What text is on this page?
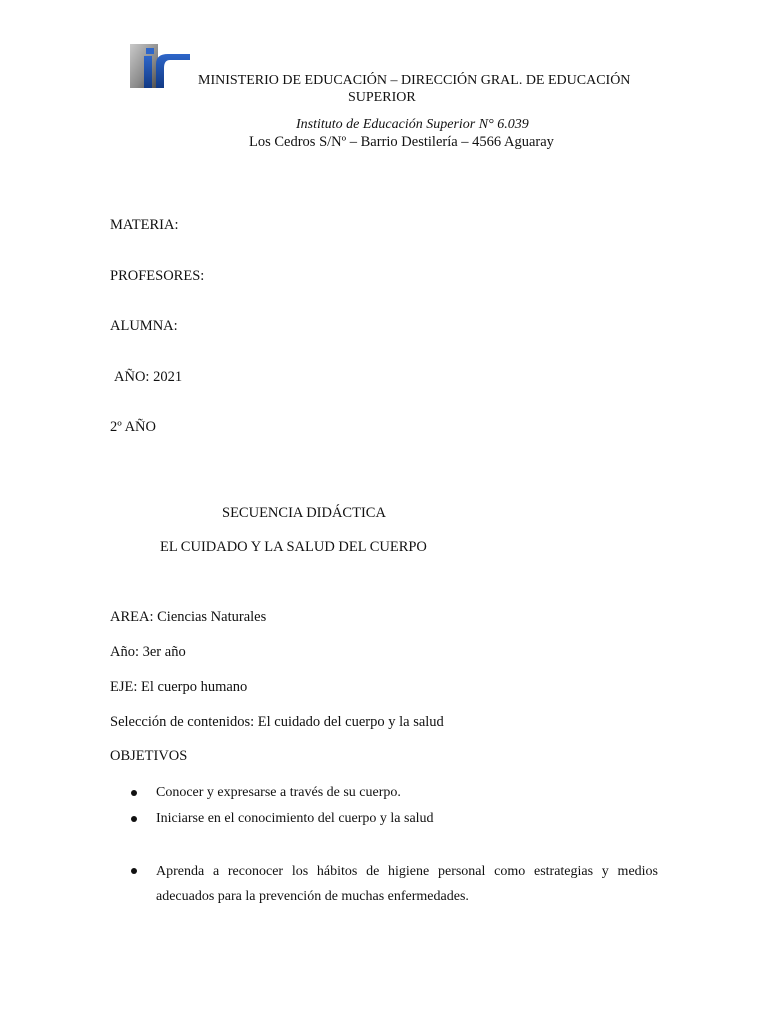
MINISTERIO DE EDUCACIÓN – DIRECCIÓN GRAL. DE EDUCACIÓN
SUPERIOR
Instituto de Educación Superior N° 6.039
Los Cedros S/Nº – Barrio Destilería – 4566 Aguaray
MATERIA:
PROFESORES:
ALUMNA:
AÑO: 2021
2º AÑO
SECUENCIA DIDÁCTICA
EL CUIDADO Y LA SALUD DEL CUERPO
AREA: Ciencias Naturales
Año: 3er año
EJE: El cuerpo humano
Selección de contenidos: El cuidado del cuerpo y la salud
OBJETIVOS
Conocer y expresarse a través de su cuerpo.
Iniciarse en el conocimiento del cuerpo y la salud
Aprenda a reconocer los hábitos de higiene personal como estrategias y medios adecuados para la prevención de muchas enfermedades.
